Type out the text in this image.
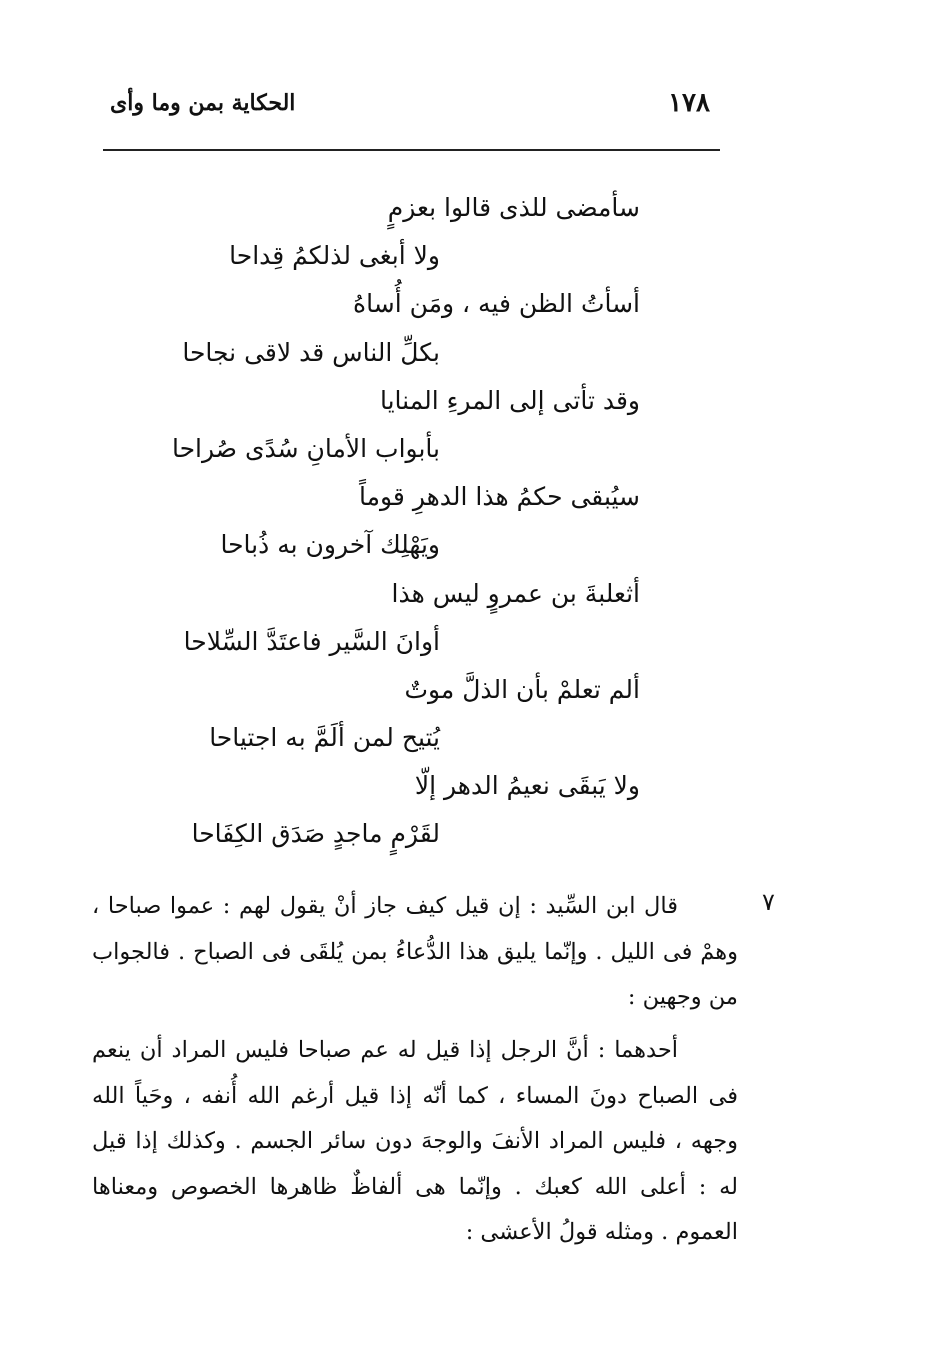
١٧٨
الحكاية بمن وما وأى
سأمضى للذى قالوا بعزمٍ
ولا أبغى لذلكمُ قِداحا
أسأتُ الظن فيه ، ومَن أُساهُ
بكلِّ الناس قد لاقى نجاحا
وقد تأتى إلى المرءِ المنايا
بأبواب الأمانِ سُدًى صُراحا
سيُبقى حكمُ هذا الدهرِ قوماً
ويَهْلِك آخرون به ذُباحا
أثعلبةَ بن عمروٍ ليس هذا
أوانَ السَّير فاعتَدَّ السِّلاحا
ألم تعلمْ بأن الذلَّ موتٌ
يُتيح لمن ألَمَّ به اجتياحا
ولا يَبقَى نعيمُ الدهر إلّا
لقَرْمٍ ماجدٍ صَدَق الكِفَاحا
٧

قال ابن السِّيد : إن قيل كيف جاز أنْ يقول لهم : عموا صباحا ، وهمْ فى الليل . وإنّما يليق هذا الدُّعاءُ بمن يُلقَى فى الصباح . فالجواب من وجهين :

أحدهما : أنَّ الرجل إذا قيل له عم صباحا فليس المراد أن ينعم فى الصباح دونَ المساء ، كما أنّه إذا قيل أرغم الله أُنفه ، وحَياً الله وجهه ، فليس المراد الأنفَ والوجهَ دون سائر الجسم . وكذلك إذا قيل له : أعلى الله كعبك . وإنّما هى ألفاظٌ ظاهرها الخصوص ومعناها العموم . ومثله قولُ الأعشى :
